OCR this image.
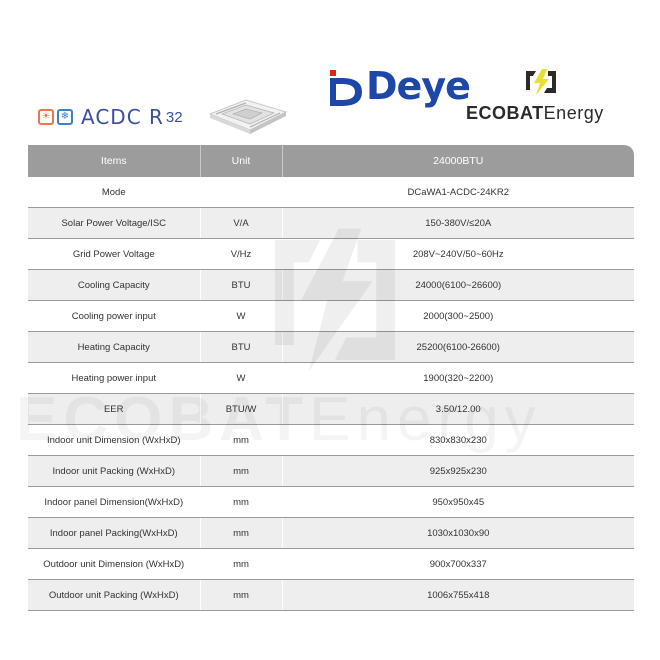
☀	❄ ACDC R 32
Deye
ECOBATEnergy
Items	Unit	24000BTU
Mode		DCaWA1-ACDC-24KR2
Solar Power Voltage/ISC	V/A	150-380V/≤20A
Grid Power Voltage	V/Hz	208V~240V/50~60Hz
Cooling Capacity	BTU	24000(6100~26600)
Cooling power input	W	2000(300~2500)
Heating Capacity	BTU	25200(6100-26600)
Heating power input	W	1900(320~2200)
EER	BTU/W	3.50/12.00
Indoor unit Dimension (WxHxD)	mm	830x830x230
Indoor unit Packing (WxHxD)	mm	925x925x230
Indoor panel Dimension(WxHxD)	mm	950x950x45
Indoor panel Packing(WxHxD)	mm	1030x1030x90
Outdoor unit Dimension (WxHxD)	mm	900x700x337
Outdoor unit Packing (WxHxD)	mm	1006x755x418
